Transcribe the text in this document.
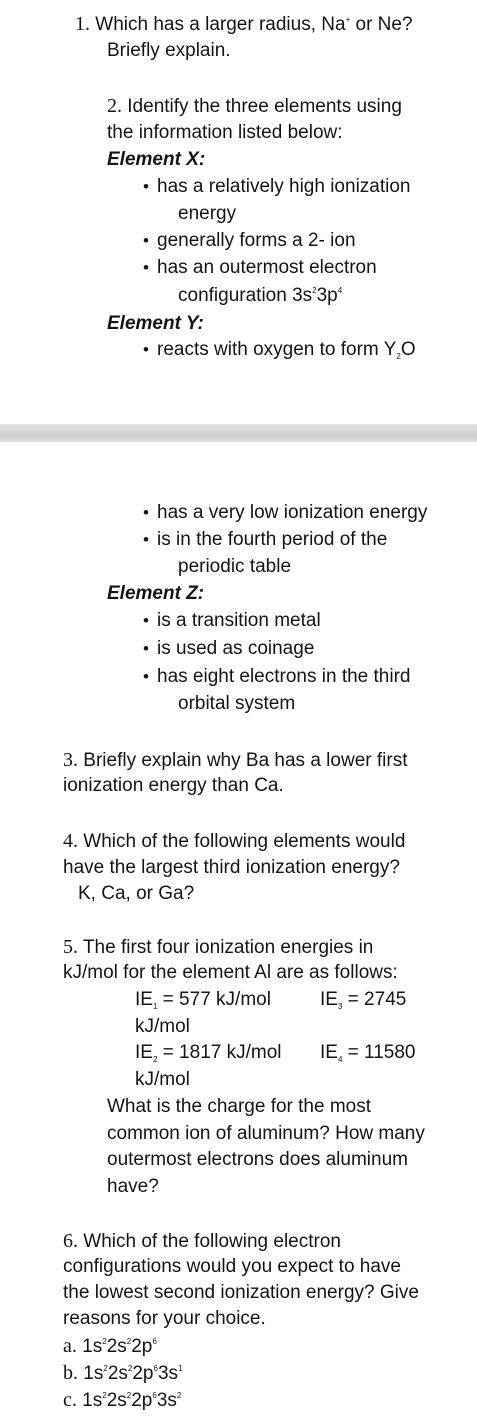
1. Which has a larger radius, Na+ or Ne?
Briefly explain.
2. Identify the three elements using
the information listed below:
Element X:
• has a relatively high ionization
energy
• generally forms a 2- ion
• has an outermost electron
configuration $3s^23p^4$
Element Y:
• reacts with oxygen to form $Y_2O$
• has a very low ionization energy
• is in the fourth period of the
periodic table
Element Z:
• is a transition metal
• is used as coinage
• has eight electrons in the third
orbital system
3. Briefly explain why Ba has a lower first
ionization energy than Ca.
4. Which of the following elements would
have the largest third ionization energy?
K, Ca, or Ga?
5. The first four ionization energies in
kJ/mol for the element Al are as follows:
$IE_1 = 577$ kJ/mol	$IE_3 = 2745$
kJ/mol
$IE_2 = 1817$ kJ/mol $IE_4 = 11580$
kJ/mol
What is the charge for the most
common ion of aluminum? How many
outermost electrons does aluminum
have?
6. Which of the following electron
configurations would you expect to have
the lowest second ionization energy? Give
reasons for your choice.
a. $1s^22s^22p^6$
b. $1s^22s^22p^63s^1$
c. $1s^22s^22p^63s^2$
